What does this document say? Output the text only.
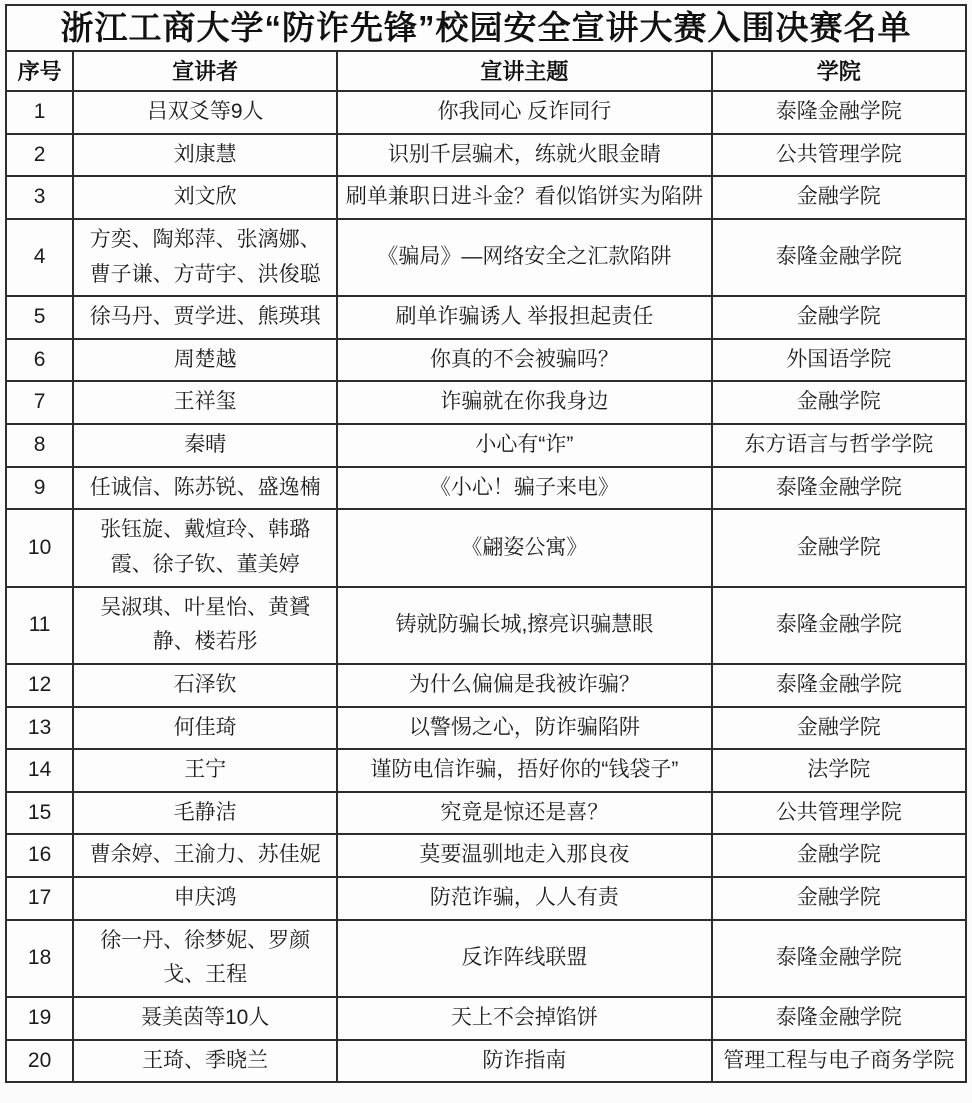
浙江工商大学“防诈先锋”校园安全宣讲大赛入围决赛名单			
序号	宣讲者	宣讲主题	学院
1	吕双爻等9人	你我同心 反诈同行	泰隆金融学院
2	刘康慧	识别千层骗术，练就火眼金睛	公共管理学院
3	刘文欣	刷单兼职日进斗金？看似馅饼实为陷阱	金融学院
4	方奕、陶郑萍、张漓娜、曹子谦、方苛宇、洪俊聪	《骗局》—网络安全之汇款陷阱	泰隆金融学院
5	徐马丹、贾学进、熊瑛琪	刷单诈骗诱人 举报担起责任	金融学院
6	周楚越	你真的不会被骗吗？	外国语学院
7	王祥玺	诈骗就在你我身边	金融学院
8	秦晴	小心有“诈”	东方语言与哲学学院
9	任诚信、陈苏锐、盛逸楠	《小心！骗子来电》	泰隆金融学院
10	张钰旋、戴煊玲、韩璐霞、徐子钦、董美婷	《翩姿公寓》	金融学院
11	吴淑琪、叶星怡、黄贇静、楼若彤	铸就防骗长城,擦亮识骗慧眼	泰隆金融学院
12	石泽钦	为什么偏偏是我被诈骗？	泰隆金融学院
13	何佳琦	以警惕之心，防诈骗陷阱	金融学院
14	王宁	谨防电信诈骗，捂好你的“钱袋子”	法学院
15	毛静洁	究竟是惊还是喜？	公共管理学院
16	曹余婷、王渝力、苏佳妮	莫要温驯地走入那良夜	金融学院
17	申庆鸿	防范诈骗，人人有责	金融学院
18	徐一丹、徐梦妮、罗颜戈、王程	反诈阵线联盟	泰隆金融学院
19	聂美茵等10人	天上不会掉馅饼	泰隆金融学院
20	王琦、季晓兰	防诈指南	管理工程与电子商务学院
